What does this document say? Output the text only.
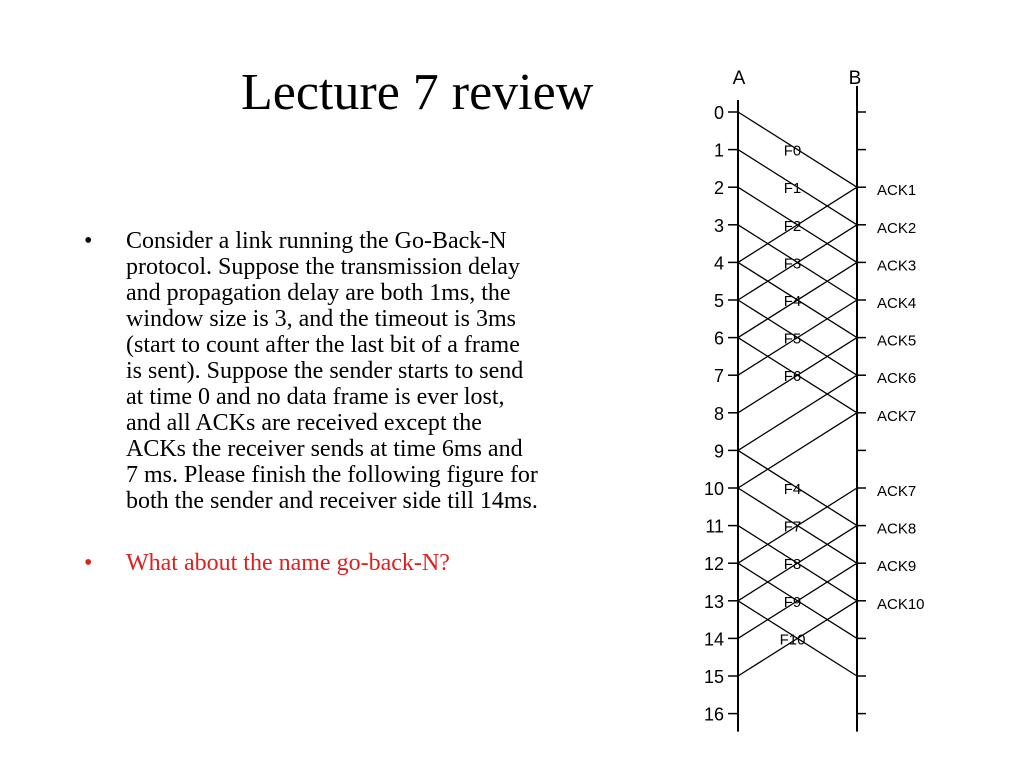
Lecture 7 review
•	Consider a link running the Go-Back-N protocol. Suppose the transmission delay and propagation delay are both 1ms, the window size is 3, and the timeout is 3ms (start to count after the last bit of a frame is sent). Suppose the sender starts to send at time 0 and no data frame is ever lost, and all ACKs are received except the ACKs the receiver sends at time 6ms and 7 ms. Please finish the following figure for both the sender and receiver side till 14ms.
•	What about the name go-back-N?
A	B
0
1
2
3
4
5
6
7
8
9
10
11
12
13
14
15
16
F0
F1
F2
F3
F4
F5
F6
F4
F7
F8
F9
F10
ACK1
ACK2
ACK3
ACK4
ACK5
ACK6
ACK7
ACK7
ACK8
ACK9
ACK10
